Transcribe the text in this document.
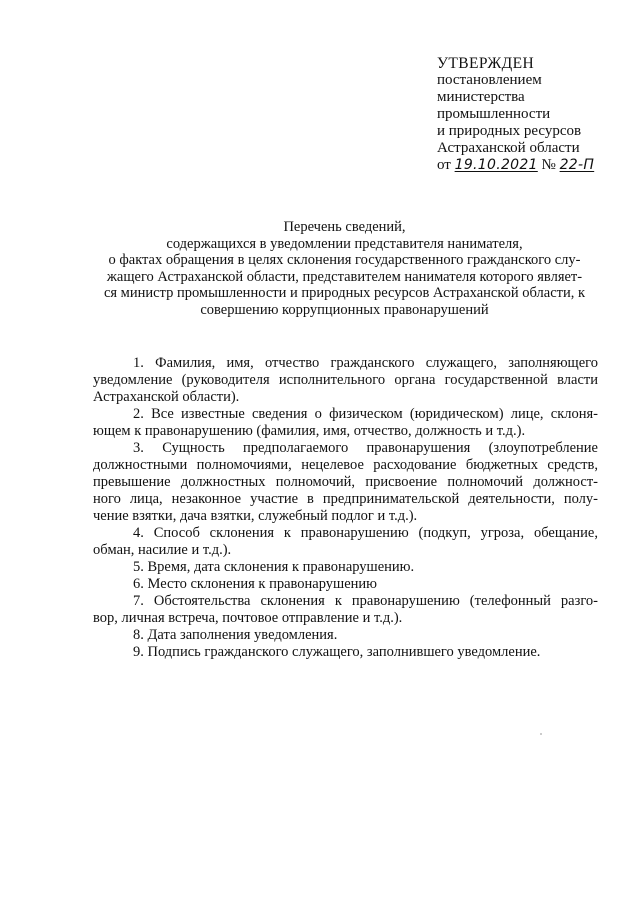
УТВЕРЖДЕН
постановлением
министерства
промышленности
и природных ресурсов
Астраханской области
от 19.10.2021 № 22-П
Перечень сведений,
содержащихся в уведомлении представителя нанимателя,
о фактах обращения в целях склонения государственного гражданского слу-
жащего Астраханской области, представителем нанимателя которого являет-
ся министр промышленности и природных ресурсов Астраханской области, к
совершению коррупционных правонарушений

1. Фамилия, имя, отчество гражданского служащего, заполняющего
уведомление (руководителя исполнительного органа государственной власти
Астраханской области).

2. Все известные сведения о физическом (юридическом) лице, склоня-
ющем к правонарушению (фамилия, имя, отчество, должность и т.д.).

3. Сущность предполагаемого правонарушения (злоупотребление
должностными полномочиями, нецелевое расходование бюджетных средств,
превышение должностных полномочий, присвоение полномочий должност-
ного лица, незаконное участие в предпринимательской деятельности, полу-
чение взятки, дача взятки, служебный подлог и т.д.).

4. Способ склонения к правонарушению (подкуп, угроза, обещание,
обман, насилие и т.д.).

5. Время, дата склонения к правонарушению.

6. Место склонения к правонарушению

7. Обстоятельства склонения к правонарушению (телефонный разго-
вор, личная встреча, почтовое отправление и т.д.).

8. Дата заполнения уведомления.

9. Подпись гражданского служащего, заполнившего уведомление.
